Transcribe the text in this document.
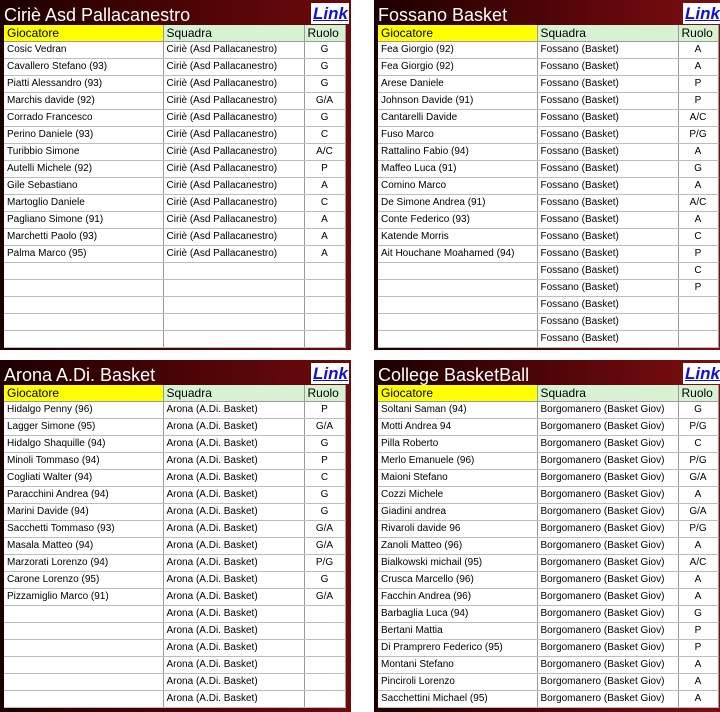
Ciriè Asd Pallacanestro	Link
Giocatore	Squadra	Ruolo
Cosic Vedran	Ciriè (Asd Pallacanestro)	G
Cavallero Stefano (93)	Ciriè (Asd Pallacanestro)	G
Piatti Alessandro (93)	Ciriè (Asd Pallacanestro)	G
Marchis davide (92)	Ciriè (Asd Pallacanestro)	G/A
Corrado Francesco	Ciriè (Asd Pallacanestro)	G
Perino Daniele (93)	Ciriè (Asd Pallacanestro)	C
Turibbio Simone	Ciriè (Asd Pallacanestro)	A/C
Autelli Michele (92)	Ciriè (Asd Pallacanestro)	P
Gile Sebastiano	Ciriè (Asd Pallacanestro)	A
Martoglio Daniele	Ciriè (Asd Pallacanestro)	C
Pagliano Simone (91)	Ciriè (Asd Pallacanestro)	A
Marchetti Paolo (93)	Ciriè (Asd Pallacanestro)	A
Palma Marco (95)	Ciriè (Asd Pallacanestro)	A

Fossano Basket	Link
Giocatore	Squadra	Ruolo
Fea Giorgio (92)	Fossano (Basket)	A
Fea Giorgio (92)	Fossano (Basket)	A
Arese Daniele	Fossano (Basket)	P
Johnson Davide (91)	Fossano (Basket)	P
Cantarelli Davide	Fossano (Basket)	A/C
Fuso Marco	Fossano (Basket)	P/G
Rattalino Fabio (94)	Fossano (Basket)	A
Maffeo Luca (91)	Fossano (Basket)	G
Comino Marco	Fossano (Basket)	A
De Simone Andrea (91)	Fossano (Basket)	A/C
Conte Federico (93)	Fossano (Basket)	A
Katende Morris	Fossano (Basket)	C
Ait Houchane Moahamed (94)	Fossano (Basket)	P
	Fossano (Basket)	C
	Fossano (Basket)	P
	Fossano (Basket)	
	Fossano (Basket)	
	Fossano (Basket)	
Arona A.Di. Basket	Link
Giocatore	Squadra	Ruolo
Hidalgo Penny (96)	Arona (A.Di. Basket)	P
Lagger Simone (95)	Arona (A.Di. Basket)	G/A
Hidalgo Shaquille (94)	Arona (A.Di. Basket)	G
Minoli Tommaso (94)	Arona (A.Di. Basket)	P
Cogliati Walter (94)	Arona (A.Di. Basket)	C
Paracchini Andrea (94)	Arona (A.Di. Basket)	G
Marini Davide (94)	Arona (A.Di. Basket)	G
Sacchetti Tommaso (93)	Arona (A.Di. Basket)	G/A
Masala Matteo (94)	Arona (A.Di. Basket)	G/A
Marzorati Lorenzo (94)	Arona (A.Di. Basket)	P/G
Carone Lorenzo (95)	Arona (A.Di. Basket)	G
Pizzamiglio Marco (91)	Arona (A.Di. Basket)	G/A
	Arona (A.Di. Basket)	
	Arona (A.Di. Basket)	
	Arona (A.Di. Basket)	
	Arona (A.Di. Basket)	
	Arona (A.Di. Basket)	
	Arona (A.Di. Basket)	
College BasketBall	Link
Giocatore	Squadra	Ruolo
Soltani Saman (94)	Borgomanero (Basket Giov)	G
Motti Andrea 94	Borgomanero (Basket Giov)	P/G
Pilla Roberto	Borgomanero (Basket Giov)	C
Merlo Emanuele (96)	Borgomanero (Basket Giov)	P/G
Maioni Stefano	Borgomanero (Basket Giov)	G/A
Cozzi Michele	Borgomanero (Basket Giov)	A
Giadini andrea	Borgomanero (Basket Giov)	G/A
Rivaroli davide 96	Borgomanero (Basket Giov)	P/G
Zanoli Matteo (96)	Borgomanero (Basket Giov)	A
Bialkowski michail (95)	Borgomanero (Basket Giov)	A/C
Crusca Marcello (96)	Borgomanero (Basket Giov)	A
Facchin Andrea (96)	Borgomanero (Basket Giov)	A
Barbaglia Luca (94)	Borgomanero (Basket Giov)	G
Bertani Mattia	Borgomanero (Basket Giov)	P
Di Pramprero Federico (95)	Borgomanero (Basket Giov)	P
Montani Stefano	Borgomanero (Basket Giov)	A
Pinciroli Lorenzo	Borgomanero (Basket Giov)	A
Sacchettini Michael (95)	Borgomanero (Basket Giov)	A
